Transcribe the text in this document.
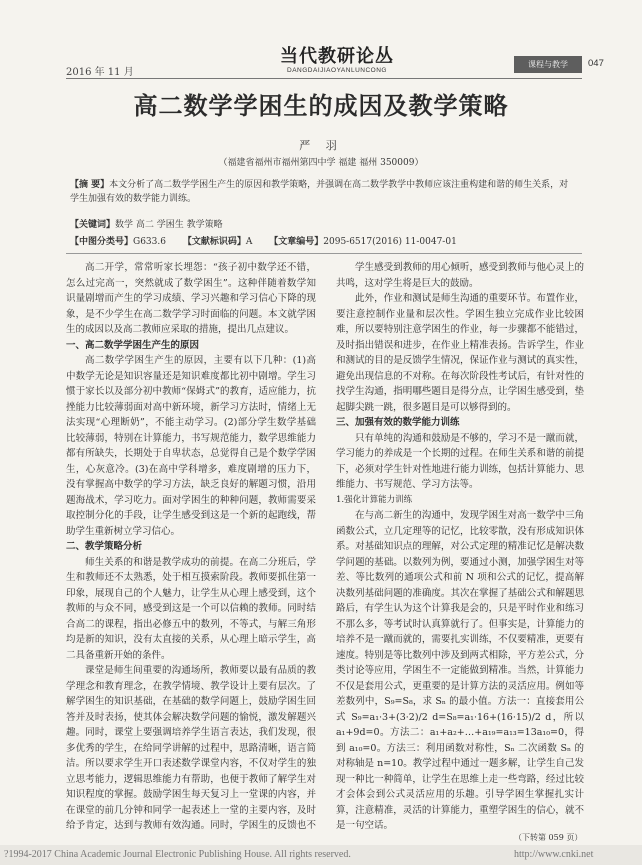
2016 年 11 月
当代教研论丛
DANGDAIJIAOYANLUNCONG
课程与教学	047
高二数学学困生的成因及教学策略
严 羽
（福建省福州市福州第四中学 福建 福州 350009）
【摘 要】本文分析了高二数学学困生产生的原因和教学策略，并强调在高二数学教学中教师应该注重构建和谐的师生关系，对学生加强有效的数学能力训练。
【关键词】数学 高二 学困生 教学策略
【中图分类号】G633.6 【文献标识码】A 【文章编号】2095-6517(2016) 11-0047-01

高二开学，常常听家长埋怨：“孩子初中数学还不错，怎么过完高一，突然就成了数学困生”。这种伴随着数学知识量剧增而产生的学习成绩、学习兴趣和学习信心下降的现象，是不少学生在高二数学学习时面临的问题。本文就学困生的成因以及高二教师应采取的措施，提出几点建议。

一、高二数学学困生产生的原因

高二数学学困生产生的原因，主要有以下几种：(1)高中数学无论是知识容量还是知识难度都比初中剧增。学生习惯于家长以及部分初中教师“保姆式”的教育，适应能力，抗挫能力比较薄弱面对高中新环境，新学习方法时，情绪上无法实现“心理断奶”，不能主动学习。(2)部分学生数学基础比较薄弱，特别在计算能力，书写规范能力，数学思维能力都有所缺失，长期处于自卑状态，总觉得自己是个数学学困生，心灰意冷。(3)在高中学科增多，难度剧增的压力下，没有掌握高中数学的学习方法，缺乏良好的解题习惯，沿用题海战术，学习吃力。面对学困生的种种问题，教师需要采取控制分化的手段，让学生感受到这是一个新的起跑线，帮助学生重新树立学习信心。

二、教学策略分析

师生关系的和谐是教学成功的前提。在高二分班后，学生和教师还不太熟悉，处于相互摸索阶段。教师要抓住第一印象，展现自己的个人魅力，让学生从心理上感受到，这个教师的与众不同，感受到这是一个可以信赖的教师。同时结合高二的课程，指出必修五中的数列，不等式，与解三角形均是新的知识，没有太直接的关系，从心理上暗示学生，高二具备重新开始的条件。

课堂是师生间重要的沟通场所，教师要以最有品质的教学理念和教育理念，在教学情境、教学设计上要有层次。了解学困生的知识基础，在基础的数学问题上，鼓励学困生回答并及时表扬，使其体会解决数学问题的愉悦，激发解题兴趣。同时，课堂上要强调培养学生语言表达，我们发现，很多优秀的学生，在给同学讲解的过程中，思路清晰，语言简洁。所以要求学生开口表述数学课堂内容，不仅对学生的独立思考能力，逻辑思维能力有帮助，也便于教师了解学生对知识程度的掌握。鼓励学困生每天复习上一堂课的内容，并在课堂的前几分钟和同学一起表述上一堂的主要内容，及时给予肯定，达到与教师有效沟通。同时，学困生的反馈也不

学生感受到教师的用心倾听，感受到教师与他心灵上的共鸣，这对学生将是巨大的鼓励。

此外，作业和测试是师生沟通的重要环节。布置作业，要注意控制作业量和层次性。学困生独立完成作业比较困难，所以要特别注意学困生的作业，每一步骤都不能错过，及时指出错误和进步，在作业上精准表扬。告诉学生，作业和测试的目的是反馈学生情况，保证作业与测试的真实性，避免出现信息的不对称。在每次阶段性考试后，有针对性的找学生沟通，指明哪些题目是得分点，让学困生感受到，垫起脚尖跳一跳，很多题目是可以够得到的。

三、加强有效的数学能力训练

只有单纯的沟通和鼓励是不够的，学习不是一蹴而就，学习能力的养成是一个长期的过程。在师生关系和谐的前提下，必须对学生针对性地进行能力训练，包括计算能力、思维能力、书写规范、学习方法等。

1.强化计算能力训练

在与高二新生的沟通中，发现学困生对高一数学中三角函数公式，立几定理等的记忆，比较零散，没有形成知识体系。对基础知识点的理解，对公式定理的精准记忆是解决数学问题的基础。以数列为例，要通过小测，加强学困生对等差、等比数列的通项公式和前 N 项和公式的记忆，提高解决数列基础问题的准确度。其次在掌握了基础公式和解题思路后，有学生认为这个计算我是会的，只是平时作业和练习不那么多，等考试时认真算就行了。但事实是，计算能力的培养不是一蹴而就的，需要扎实训练，不仅要精准，更要有速度。特别是等比数列中涉及到两式相除，平方差公式，分类讨论等应用，学困生不一定能做到精准。当然，计算能力不仅是套用公式，更重要的是计算方法的灵活应用。例如等差数列中，S₉=S₈，求 Sₙ 的最小值。方法一：直接套用公式 S₉=a₁·3+(3·2)/2 d=S₈=a₁·16+(16·15)/2 d，所以 a₁+9d=0。方法二：a₁+a₂+…+a₁₉=a₁₃=13a₁₀=0，得到 a₁₀=0。方法三：利用函数对称性，Sₙ 二次函数 Sₙ 的对称轴是 n=10。教学过程中通过一题多解，让学生自己发现一种比一种简单，让学生在思维上走一些弯路，经过比较才会体会到公式灵活应用的乐趣。引导学困生掌握扎实计算，注意精准，灵活的计算能力，重塑学困生的信心，就不是一句空话。

（下转第 059 页）
?1994-2017 China Academic Journal Electronic Publishing House. All rights reserved.	http://www.cnki.net
